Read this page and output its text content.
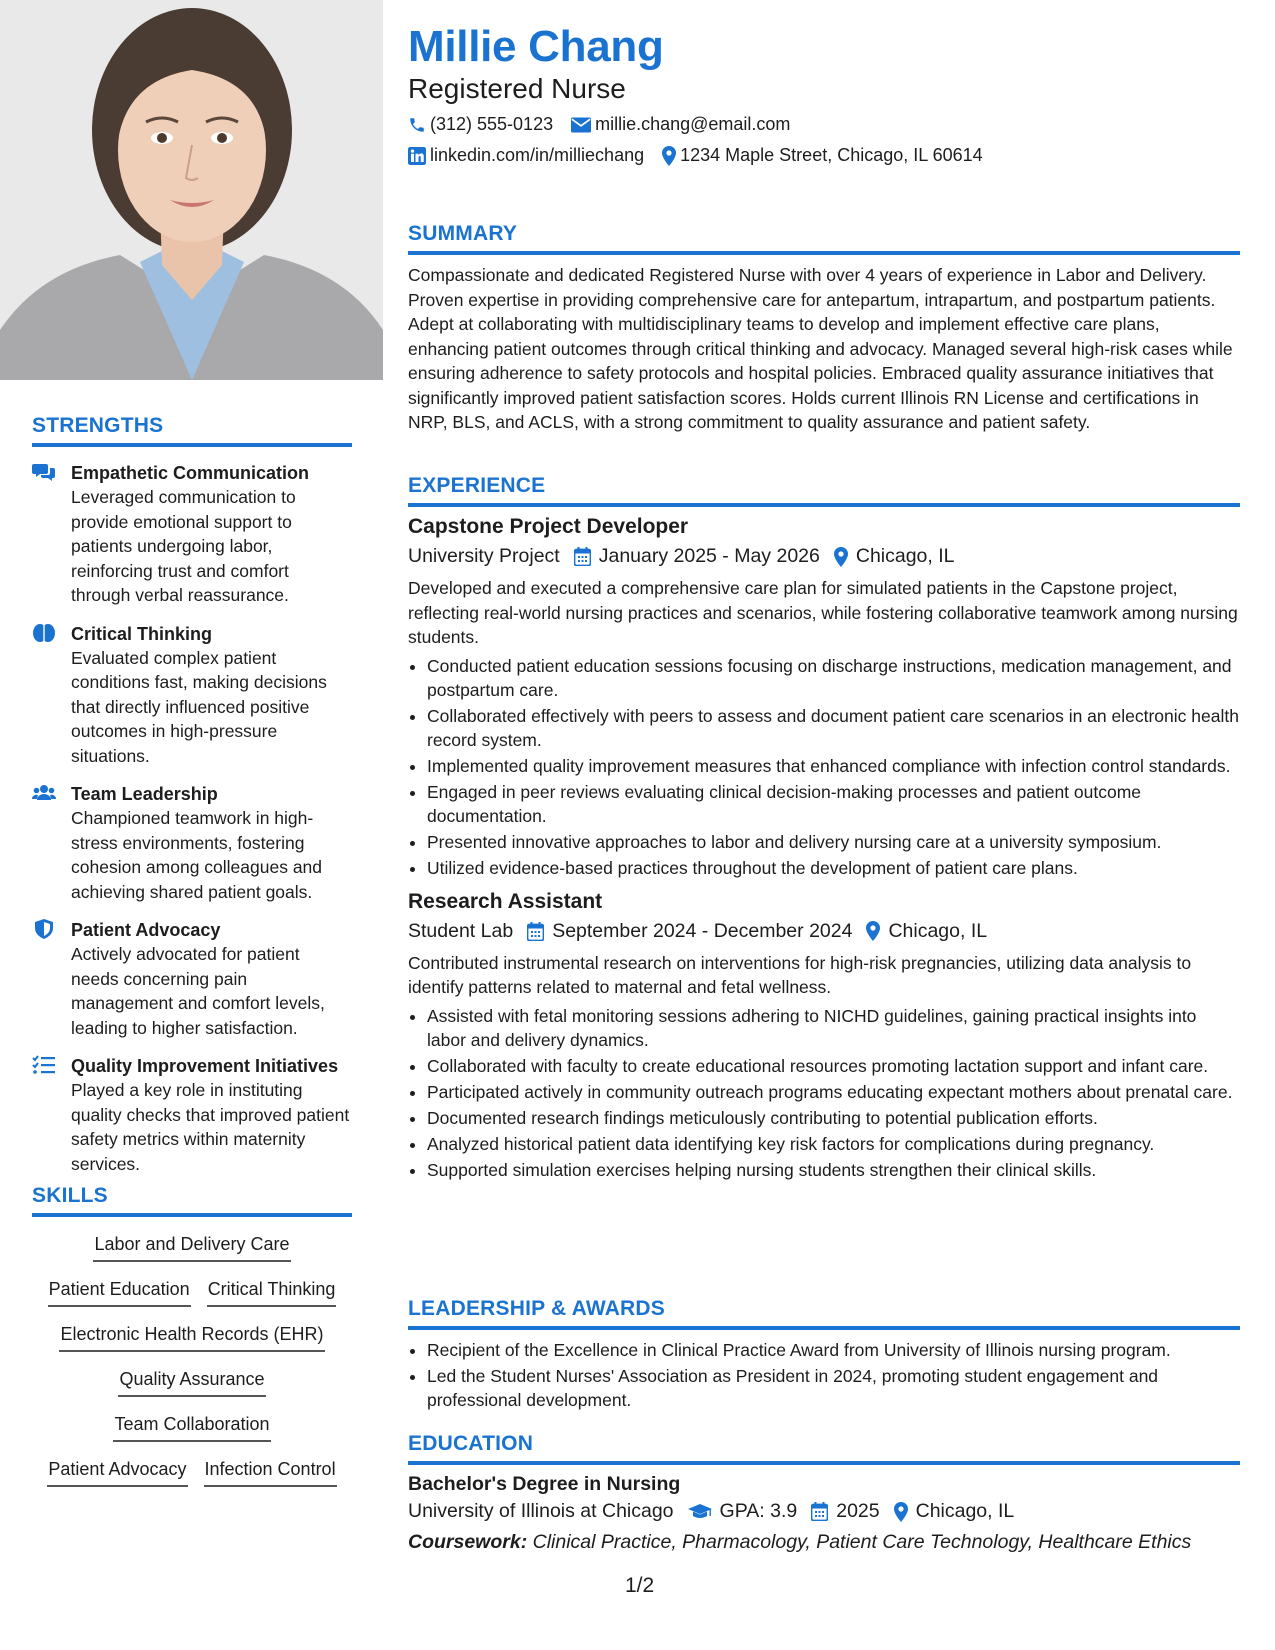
STRENGTHS
Empathetic Communication
Leveraged communication to provide emotional support to patients undergoing labor, reinforcing trust and comfort through verbal reassurance.
Critical Thinking
Evaluated complex patient conditions fast, making decisions that directly influenced positive outcomes in high-pressure situations.
Team Leadership
Championed teamwork in high-stress environments, fostering cohesion among colleagues and achieving shared patient goals.
Patient Advocacy
Actively advocated for patient needs concerning pain management and comfort levels, leading to higher satisfaction.
Quality Improvement Initiatives
Played a key role in instituting quality checks that improved patient safety metrics within maternity services.
SKILLS
Labor and Delivery Care
Patient Education Critical Thinking
Electronic Health Records (EHR)
Quality Assurance
Team Collaboration
Patient Advocacy Infection Control
Millie Chang
Registered Nurse
(312) 555-0123 millie.chang@email.com
linkedin.com/in/milliechang 1234 Maple Street, Chicago, IL 60614
SUMMARY

Compassionate and dedicated Registered Nurse with over 4 years of experience in Labor and Delivery. Proven expertise in providing comprehensive care for antepartum, intrapartum, and postpartum patients. Adept at collaborating with multidisciplinary teams to develop and implement effective care plans, enhancing patient outcomes through critical thinking and advocacy. Managed several high-risk cases while ensuring adherence to safety protocols and hospital policies. Embraced quality assurance initiatives that significantly improved patient satisfaction scores. Holds current Illinois RN License and certifications in NRP, BLS, and ACLS, with a strong commitment to quality assurance and patient safety.

EXPERIENCE
Capstone Project Developer
University Project January 2025 - May 2026 Chicago, IL

Developed and executed a comprehensive care plan for simulated patients in the Capstone project, reflecting real-world nursing practices and scenarios, while fostering collaborative teamwork among nursing students.

• Conducted patient education sessions focusing on discharge instructions, medication management, and postpartum care.
• Collaborated effectively with peers to assess and document patient care scenarios in an electronic health record system.
• Implemented quality improvement measures that enhanced compliance with infection control standards.
• Engaged in peer reviews evaluating clinical decision-making processes and patient outcome documentation.
• Presented innovative approaches to labor and delivery nursing care at a university symposium.
• Utilized evidence-based practices throughout the development of patient care plans.
Research Assistant
Student Lab September 2024 - December 2024 Chicago, IL

Contributed instrumental research on interventions for high-risk pregnancies, utilizing data analysis to identify patterns related to maternal and fetal wellness.

• Assisted with fetal monitoring sessions adhering to NICHD guidelines, gaining practical insights into labor and delivery dynamics.
• Collaborated with faculty to create educational resources promoting lactation support and infant care.
• Participated actively in community outreach programs educating expectant mothers about prenatal care.
• Documented research findings meticulously contributing to potential publication efforts.
• Analyzed historical patient data identifying key risk factors for complications during pregnancy.
• Supported simulation exercises helping nursing students strengthen their clinical skills.
LEADERSHIP & AWARDS
• Recipient of the Excellence in Clinical Practice Award from University of Illinois nursing program.
• Led the Student Nurses' Association as President in 2024, promoting student engagement and professional development.
EDUCATION
Bachelor's Degree in Nursing
University of Illinois at Chicago GPA: 3.9 2025 Chicago, IL
Coursework: Clinical Practice, Pharmacology, Patient Care Technology, Healthcare Ethics
1/2
